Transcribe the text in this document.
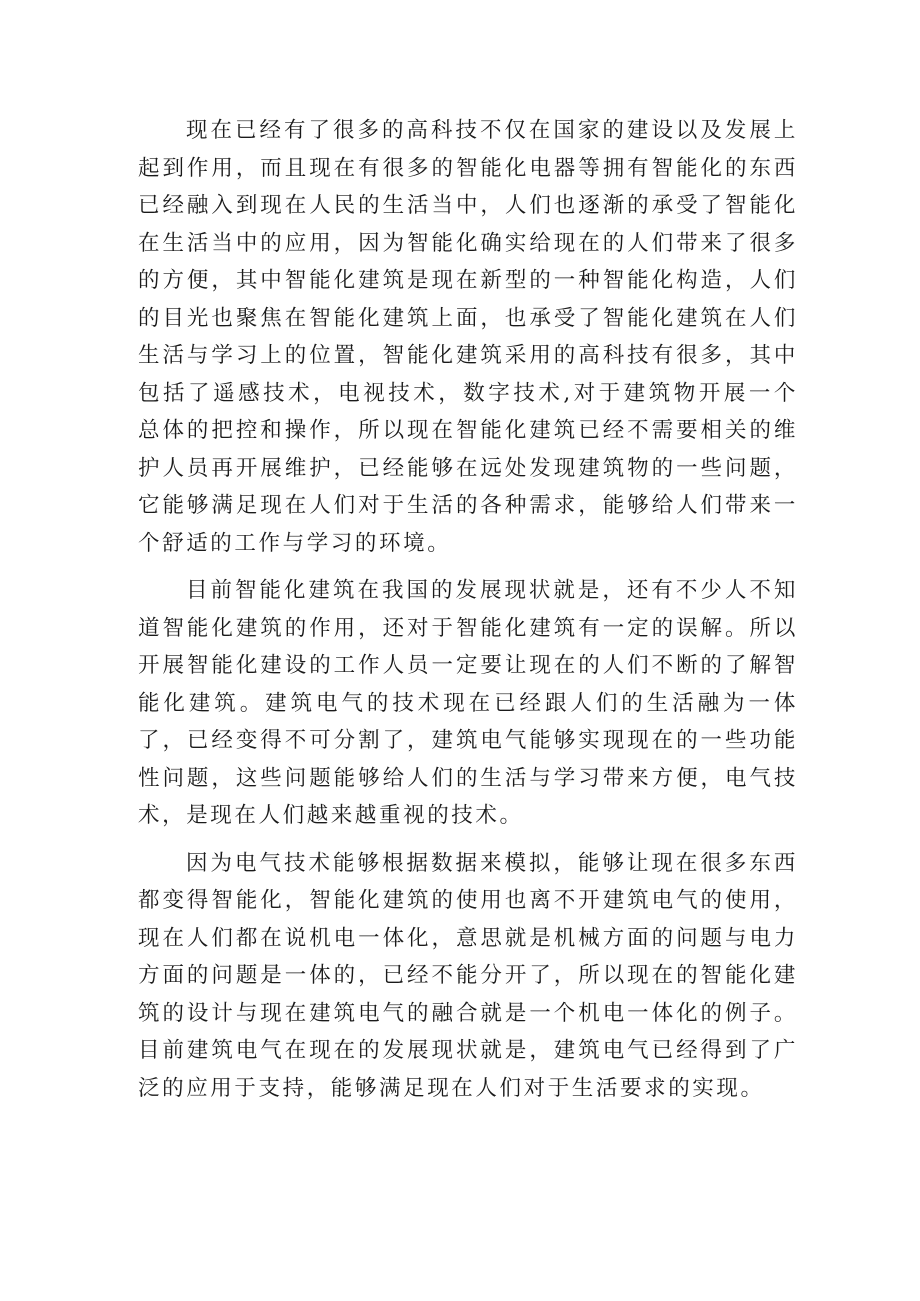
现在已经有了很多的高科技不仅在国家的建设以及发展上起到作用，而且现在有很多的智能化电器等拥有智能化的东西已经融入到现在人民的生活当中，人们也逐渐的承受了智能化在生活当中的应用，因为智能化确实给现在的人们带来了很多的方便，其中智能化建筑是现在新型的一种智能化构造，人们的目光也聚焦在智能化建筑上面，也承受了智能化建筑在人们生活与学习上的位置，智能化建筑采用的高科技有很多，其中包括了遥感技术，电视技术，数字技术,对于建筑物开展一个总体的把控和操作，所以现在智能化建筑已经不需要相关的维护人员再开展维护，已经能够在远处发现建筑物的一些问题，它能够满足现在人们对于生活的各种需求，能够给人们带来一个舒适的工作与学习的环境。

目前智能化建筑在我国的发展现状就是，还有不少人不知道智能化建筑的作用，还对于智能化建筑有一定的误解。所以开展智能化建设的工作人员一定要让现在的人们不断的了解智能化建筑。建筑电气的技术现在已经跟人们的生活融为一体了，已经变得不可分割了，建筑电气能够实现现在的一些功能性问题，这些问题能够给人们的生活与学习带来方便，电气技术，是现在人们越来越重视的技术。

因为电气技术能够根据数据来模拟，能够让现在很多东西都变得智能化，智能化建筑的使用也离不开建筑电气的使用，现在人们都在说机电一体化，意思就是机械方面的问题与电力方面的问题是一体的，已经不能分开了，所以现在的智能化建筑的设计与现在建筑电气的融合就是一个机电一体化的例子。目前建筑电气在现在的发展现状就是，建筑电气已经得到了广泛的应用于支持，能够满足现在人们对于生活要求的实现。
